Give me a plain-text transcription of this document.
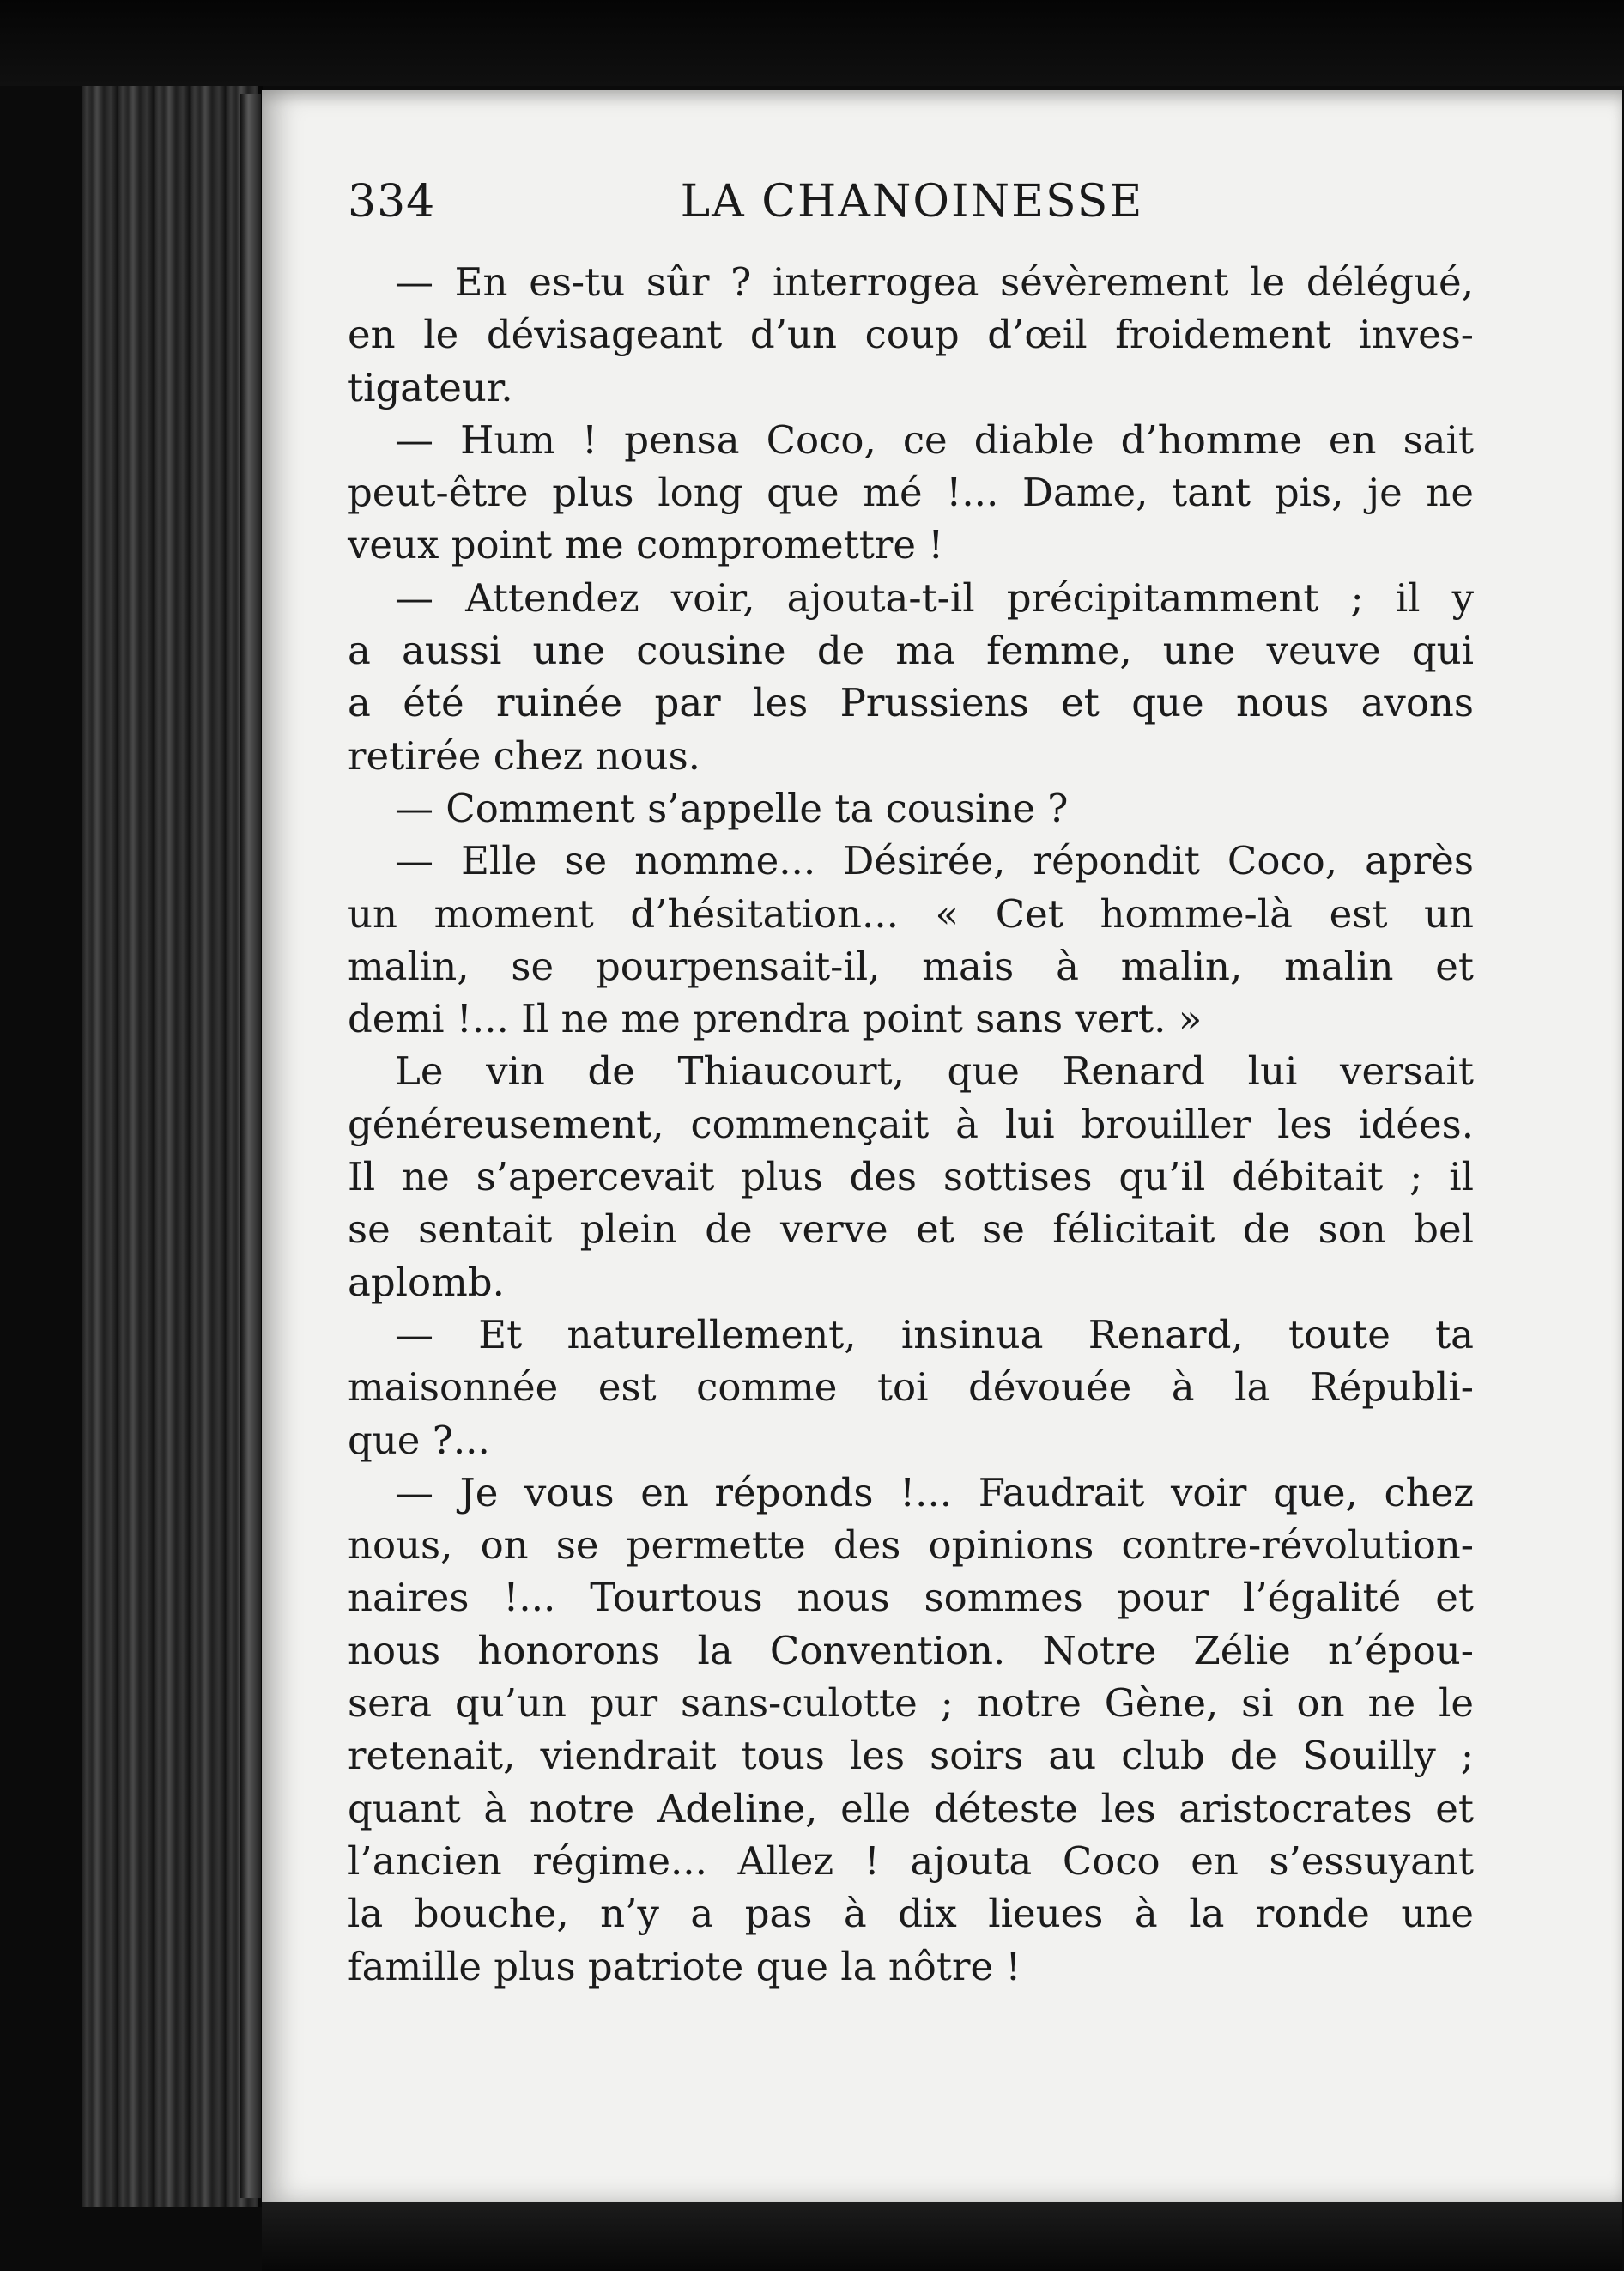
334	LA CHANOINESSE
— En es-tu sûr ? interrogea sévèrement le délégué,
en le dévisageant d’un coup d’œil froidement inves-
tigateur.
— Hum ! pensa Coco, ce diable d’homme en sait
peut-être plus long que mé !... Dame, tant pis, je ne
veux point me compromettre !
— Attendez voir, ajouta-t-il précipitamment ; il y
a aussi une cousine de ma femme, une veuve qui
a été ruinée par les Prussiens et que nous avons
retirée chez nous.
— Comment s’appelle ta cousine ?
— Elle se nomme... Désirée, répondit Coco, après
un moment d’hésitation... « Cet homme-là est un
malin, se pourpensait-il, mais à malin, malin et
demi !... Il ne me prendra point sans vert. »
Le vin de Thiaucourt, que Renard lui versait
généreusement, commençait à lui brouiller les idées.
Il ne s’apercevait plus des sottises qu’il débitait ; il
se sentait plein de verve et se félicitait de son bel
aplomb.
— Et naturellement, insinua Renard, toute ta
maisonnée est comme toi dévouée à la Républi-
que ?...
— Je vous en réponds !... Faudrait voir que, chez
nous, on se permette des opinions contre-révolution-
naires !... Tourtous nous sommes pour l’égalité et
nous honorons la Convention. Notre Zélie n’épou-
sera qu’un pur sans-culotte ; notre Gène, si on ne le
retenait, viendrait tous les soirs au club de Souilly ;
quant à notre Adeline, elle déteste les aristocrates et
l’ancien régime... Allez ! ajouta Coco en s’essuyant
la bouche, n’y a pas à dix lieues à la ronde une
famille plus patriote que la nôtre !
